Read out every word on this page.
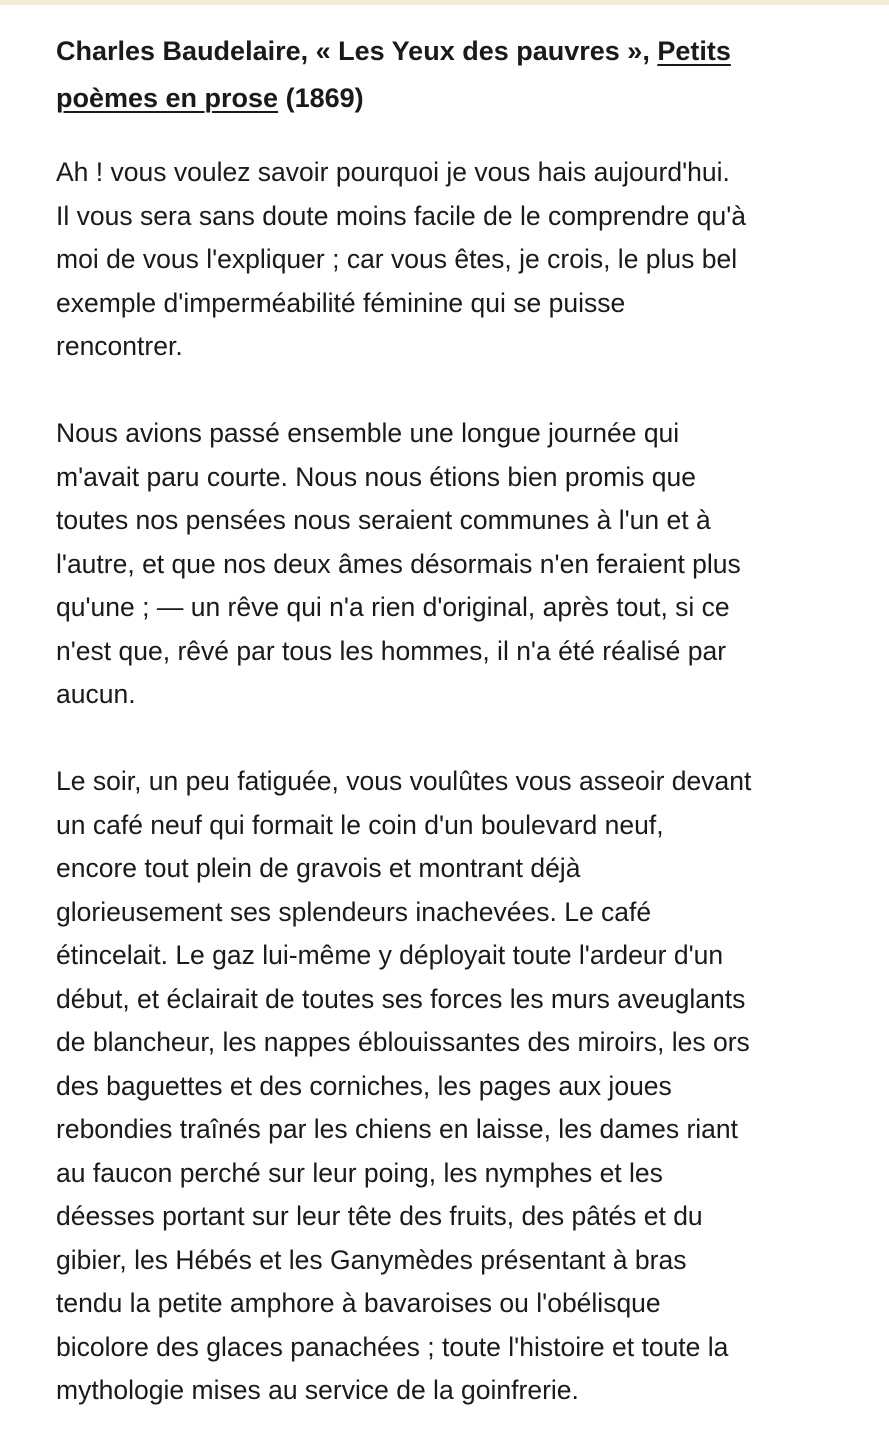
Charles Baudelaire, « Les Yeux des pauvres », Petits
poèmes en prose (1869)

Ah ! vous voulez savoir pourquoi je vous hais aujourd'hui.
Il vous sera sans doute moins facile de le comprendre qu'à
moi de vous l'expliquer ; car vous êtes, je crois, le plus bel
exemple d'imperméabilité féminine qui se puisse
rencontrer.

Nous avions passé ensemble une longue journée qui
m'avait paru courte. Nous nous étions bien promis que
toutes nos pensées nous seraient communes à l'un et à
l'autre, et que nos deux âmes désormais n'en feraient plus
qu'une ; — un rêve qui n'a rien d'original, après tout, si ce
n'est que, rêvé par tous les hommes, il n'a été réalisé par
aucun.

Le soir, un peu fatiguée, vous voulûtes vous asseoir devant
un café neuf qui formait le coin d'un boulevard neuf,
encore tout plein de gravois et montrant déjà
glorieusement ses splendeurs inachevées. Le café
étincelait. Le gaz lui-même y déployait toute l'ardeur d'un
début, et éclairait de toutes ses forces les murs aveuglants
de blancheur, les nappes éblouissantes des miroirs, les ors
des baguettes et des corniches, les pages aux joues
rebondies traînés par les chiens en laisse, les dames riant
au faucon perché sur leur poing, les nymphes et les
déesses portant sur leur tête des fruits, des pâtés et du
gibier, les Hébés et les Ganymèdes présentant à bras
tendu la petite amphore à bavaroises ou l'obélisque
bicolore des glaces panachées ; toute l'histoire et toute la
mythologie mises au service de la goinfrerie.
